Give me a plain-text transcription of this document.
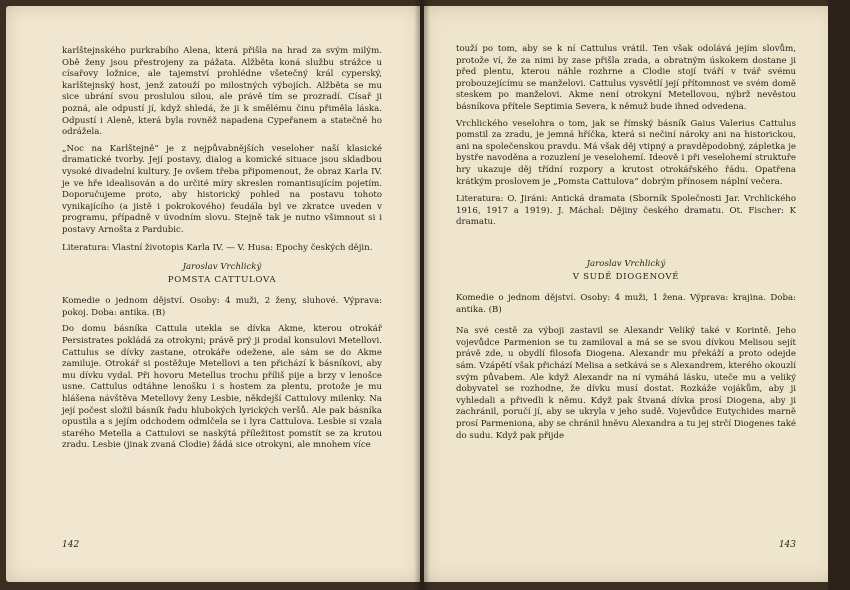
karlštejnského purkrabího Alena, která přišla na hrad za svým milým. Obě ženy jsou přestrojeny za pážata. Alžběta koná službu strážce u císařovy ložnice, ale tajemství prohlédne všetečný král cyperský, karlštejnský host, jenž zatouží po milostných výbojích. Alžběta se mu sice ubrání svou proslulou silou, ale právě tím se prozradí. Císař ji pozná, ale odpustí jí, když shledá, že ji k smělému činu přiměla láska. Odpustí i Aleně, která byla rovněž napadena Cypeřanem a statečně ho odrážela.

„Noc na Karlštejně“ je z nejpůvabnějších veseloher naší klasické dramatické tvorby. Její postavy, dialog a komické situace jsou skladbou vysoké divadelní kultury. Je ovšem třeba připomenout, že obraz Karla IV. je ve hře idealisován a do určité míry skreslen romantisujícím pojetím. Doporučujeme proto, aby historický pohled na postavu tohoto vynikajícího (a jistě i pokrokového) feudála byl ve zkratce uveden v programu, případně v úvodním slovu. Stejně tak je nutno všimnout si i postavy Arnošta z Pardubic.

Literatura: Vlastní životopis Karla IV. — V. Husa: Epochy českých dějin.

Jaroslav Vrchlický
POMSTA CATTULOVA

Komedie o jednom dějství. Osoby: 4 muži, 2 ženy, sluhové. Výprava: pokoj. Doba: antika. (B)

Do domu básníka Cattula utekla se dívka Akme, kterou otrokář Persistrates pokládá za otrokyni; právě prý ji prodal konsulovi Metellovi. Cattulus se dívky zastane, otrokáře odežene, ale sám se do Akme zamiluje. Otrokář si postěžuje Metellovi a ten přichází k básníkovi, aby mu dívku vydal. Při hovoru Metellus trochu příliš pije a brzy v lenošce usne. Cattulus odtáhne lenošku i s hostem za plentu, protože je mu hlášena návštěva Metellovy ženy Lesbie, někdejší Cattulovy milenky. Na její počest složil básník řadu hlubokých lyrických veršů. Ale pak básníka opustila a s jejím odchodem odmlčela se i lyra Cattulova. Lesbie si vzala starého Metella a Cattulovi se naskýtá příležitost pomstít se za krutou zradu. Lesbie (jinak zvaná Clodie) žádá sice otrokyni, ale mnohem více

142

touží po tom, aby se k ní Cattulus vrátil. Ten však odolává jejím slovům, protože ví, že za nimi by zase přišla zrada, a obratným úskokem dostane ji před plentu, kterou náhle rozhrne a Clodie stojí tváří v tvář svému probouzejícímu se manželovi. Cattulus vysvětlí její přítomnost ve svém domě steskem po manželovi. Akme není otrokyní Metellovou, nýbrž nevěstou básníkova přítele Septimia Severa, k němuž bude ihned odvedena.

Vrchlického veselohra o tom, jak se římský básník Gaius Valerius Cattulus pomstil za zradu, je jemná hříčka, která si nečiní nároky ani na historickou, ani na společenskou pravdu. Má však děj vtipný a pravděpodobný, zápletka je bystře navoděna a rozuzlení je veselohemí. Ideově i při veselohemí struktuře hry ukazuje děj třídní rozpory a krutost otrokářského řádu. Opatřena krátkým proslovem je „Pomsta Cattulova“ dobrým přínosem náplní večera.

Literatura: O. Jiráni: Antická dramata (Sborník Společnosti Jar. Vrchlického 1916, 1917 a 1919). J. Máchal: Dějiny českého dramatu. Ot. Fischer: K dramatu.

Jaroslav Vrchlický
V SUDĚ DIOGENOVĚ

Komedie o jednom dějství. Osoby: 4 muži, 1 žena. Výprava: krajina. Doba: antika. (B)

Na své cestě za výboji zastavil se Alexandr Veliký také v Korintě. Jeho vojevůdce Parmenion se tu zamiloval a má se se svou dívkou Melisou sejít právě zde, u obydlí filosofa Diogena. Alexandr mu překáží a proto odejde sám. Vzápětí však přichází Melisa a setkává se s Alexandrem, kterého okouzlí svým půvabem. Ale když Alexandr na ní vymáhá lásku, uteče mu a veliký dobyvatel se rozhodne, že dívku musí dostat. Rozkáže vojákům, aby ji vyhledali a přivedli k němu. Když pak štvaná dívka prosí Diogena, aby ji zachránil, poručí jí, aby se ukryla v jeho sudě. Vojevůdce Eutychides marně prosí Parmeniona, aby se chránil hněvu Alexandra a tu jej strčí Diogenes také do sudu. Když pak přijde

143
